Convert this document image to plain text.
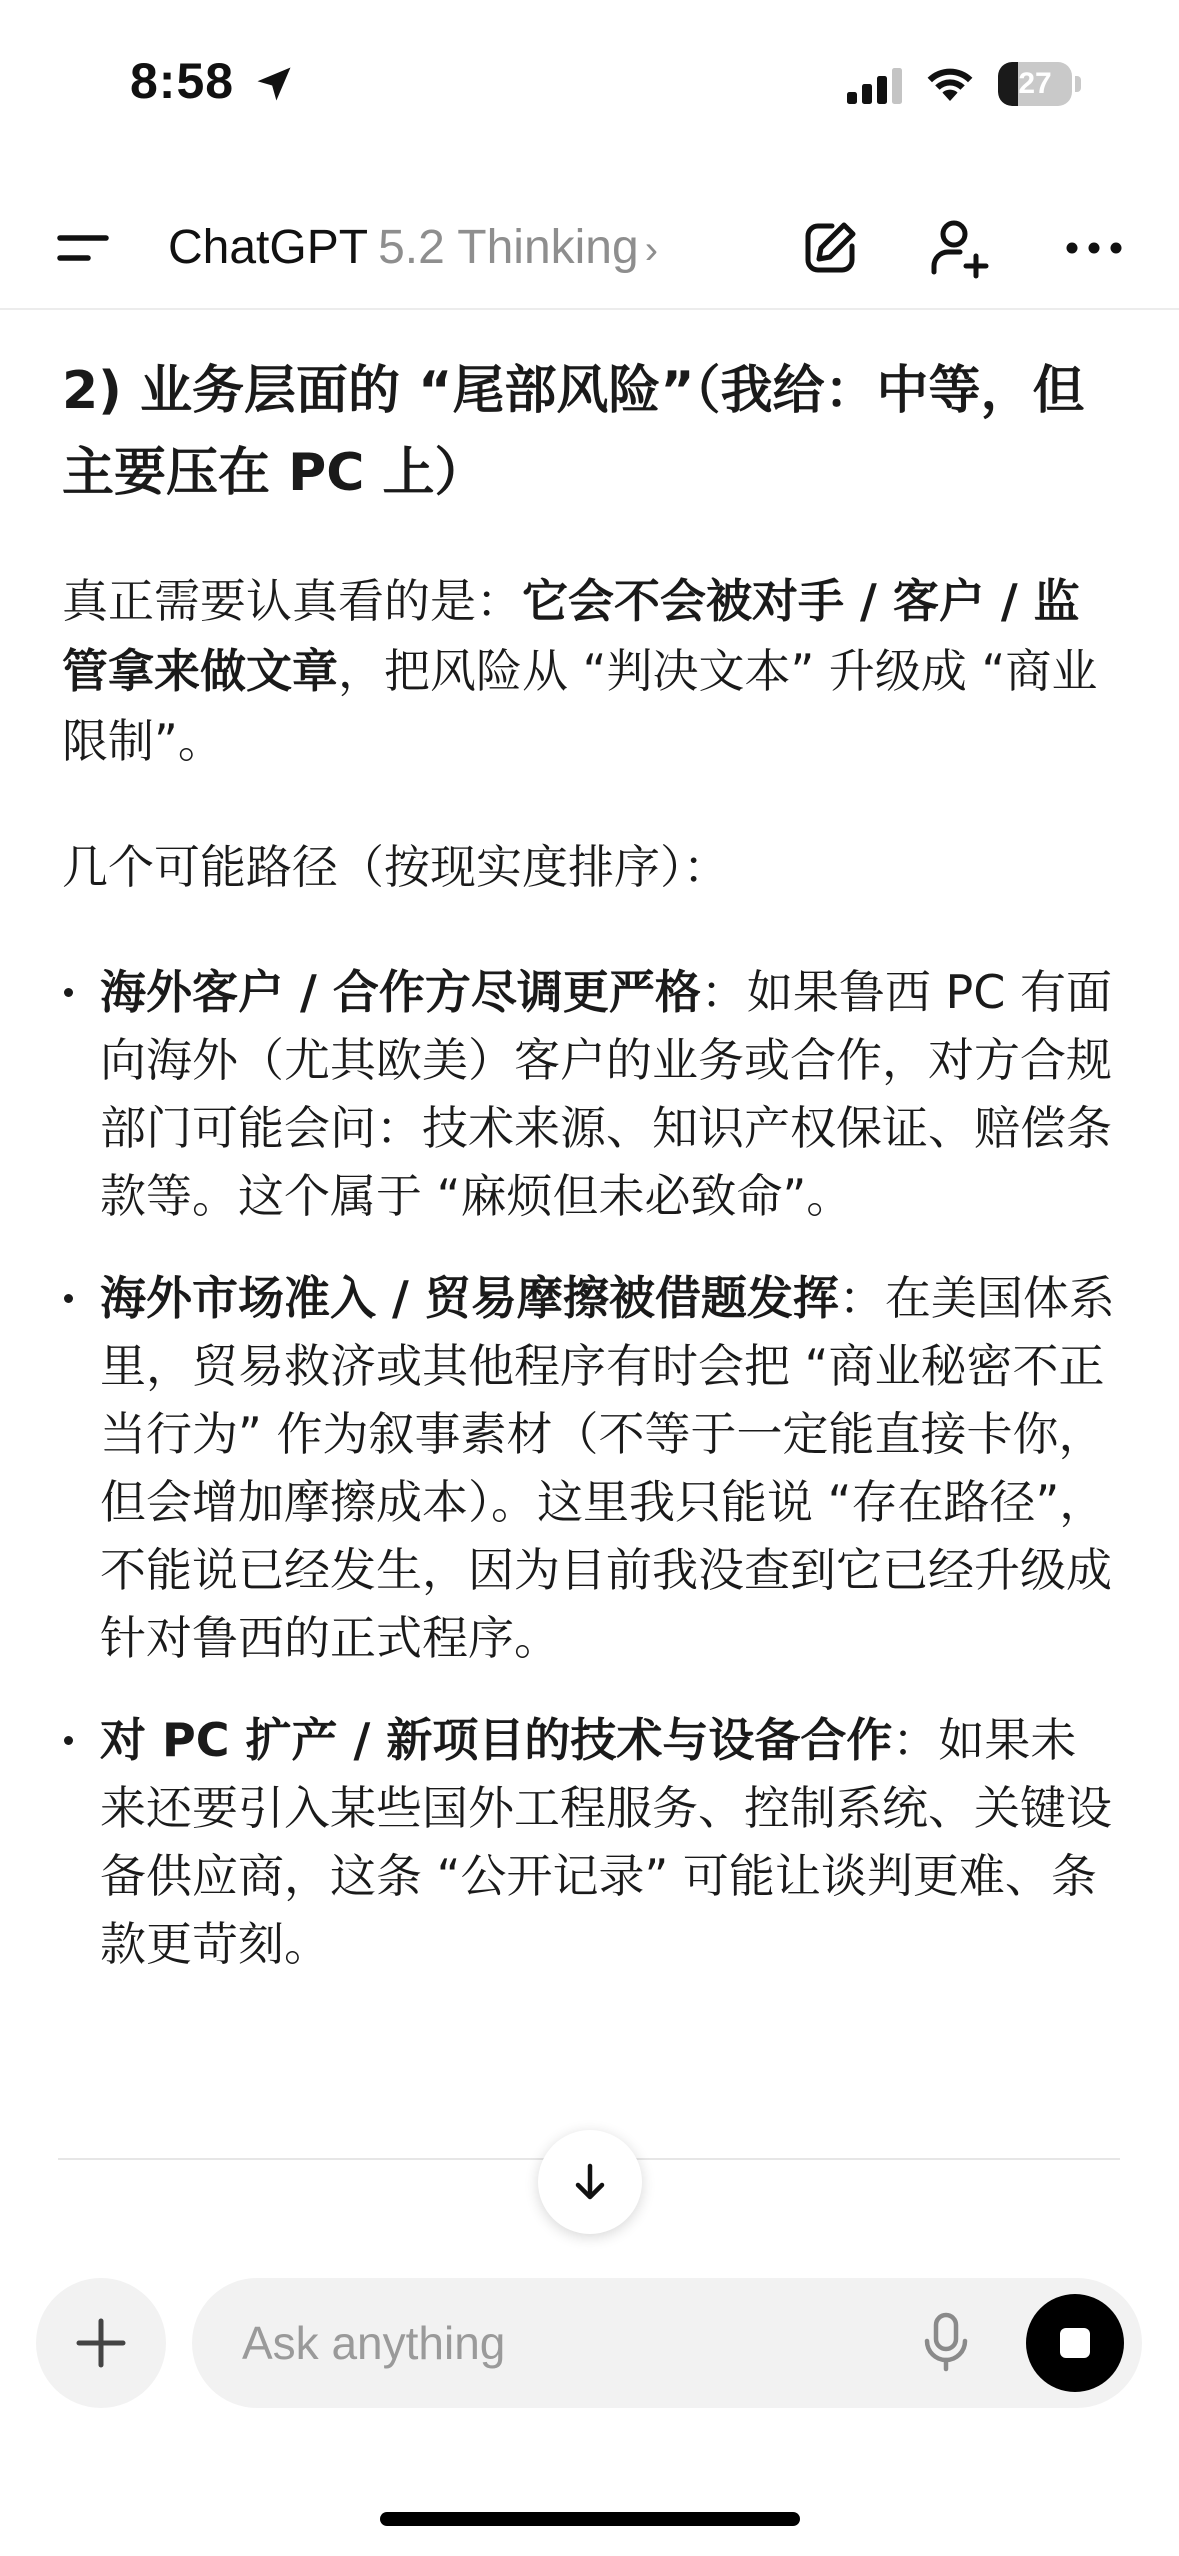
8:58	27
ChatGPT 5.2 Thinking ›
2) 业务层面的 “尾部风险”（我给：中等，但主要压在 PC 上）

真正需要认真看的是：它会不会被对手 / 客户 / 监管拿来做文章，把风险从 “判决文本” 升级成 “商业限制”。

几个可能路径（按现实度排序）：

海外客户 / 合作方尽调更严格：如果鲁西 PC 有面向海外（尤其欧美）客户的业务或合作，对方合规部门可能会问：技术来源、知识产权保证、赔偿条款等。这个属于 “麻烦但未必致命”。
海外市场准入 / 贸易摩擦被借题发挥：在美国体系里，贸易救济或其他程序有时会把 “商业秘密不正当行为” 作为叙事素材（不等于一定能直接卡你，但会增加摩擦成本）。这里我只能说 “存在路径”，不能说已经发生，因为目前我没查到它已经升级成针对鲁西的正式程序。
对 PC 扩产 / 新项目的技术与设备合作：如果未来还要引入某些国外工程服务、控制系统、关键设备供应商，这条 “公开记录” 可能让谈判更难、条款更苛刻。
Ask anything
